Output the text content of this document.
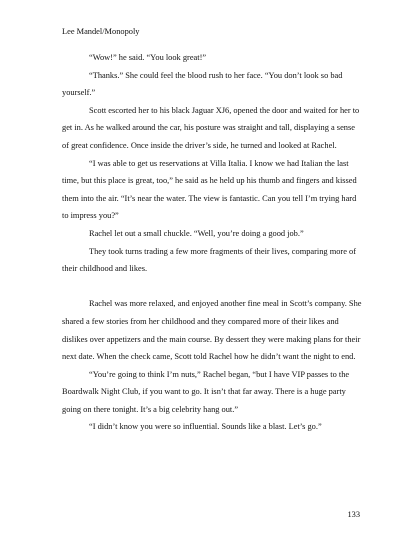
Lee Mandel/Monopoly

“Wow!” he said. “You look great!”

“Thanks.” She could feel the blood rush to her face. “You don’t look so bad yourself.”

Scott escorted her to his black Jaguar XJ6, opened the door and waited for her to get in. As he walked around the car, his posture was straight and tall, displaying a sense of great confidence. Once inside the driver’s side, he turned and looked at Rachel.

“I was able to get us reservations at Villa Italia. I know we had Italian the last time, but this place is great, too,” he said as he held up his thumb and fingers and kissed them into the air. “It’s near the water. The view is fantastic. Can you tell I’m trying hard to impress you?”

Rachel let out a small chuckle. “Well, you’re doing a good job.”

They took turns trading a few more fragments of their lives, comparing more of their childhood and likes.

Rachel was more relaxed, and enjoyed another fine meal in Scott’s company. She shared a few stories from her childhood and they compared more of their likes and dislikes over appetizers and the main course. By dessert they were making plans for their next date. When the check came, Scott told Rachel how he didn’t want the night to end.

“You’re going to think I’m nuts,” Rachel began, “but I have VIP passes to the Boardwalk Night Club, if you want to go. It isn’t that far away. There is a huge party going on there tonight. It’s a big celebrity hang out.”

“I didn’t know you were so influential. Sounds like a blast. Let’s go.”

133
